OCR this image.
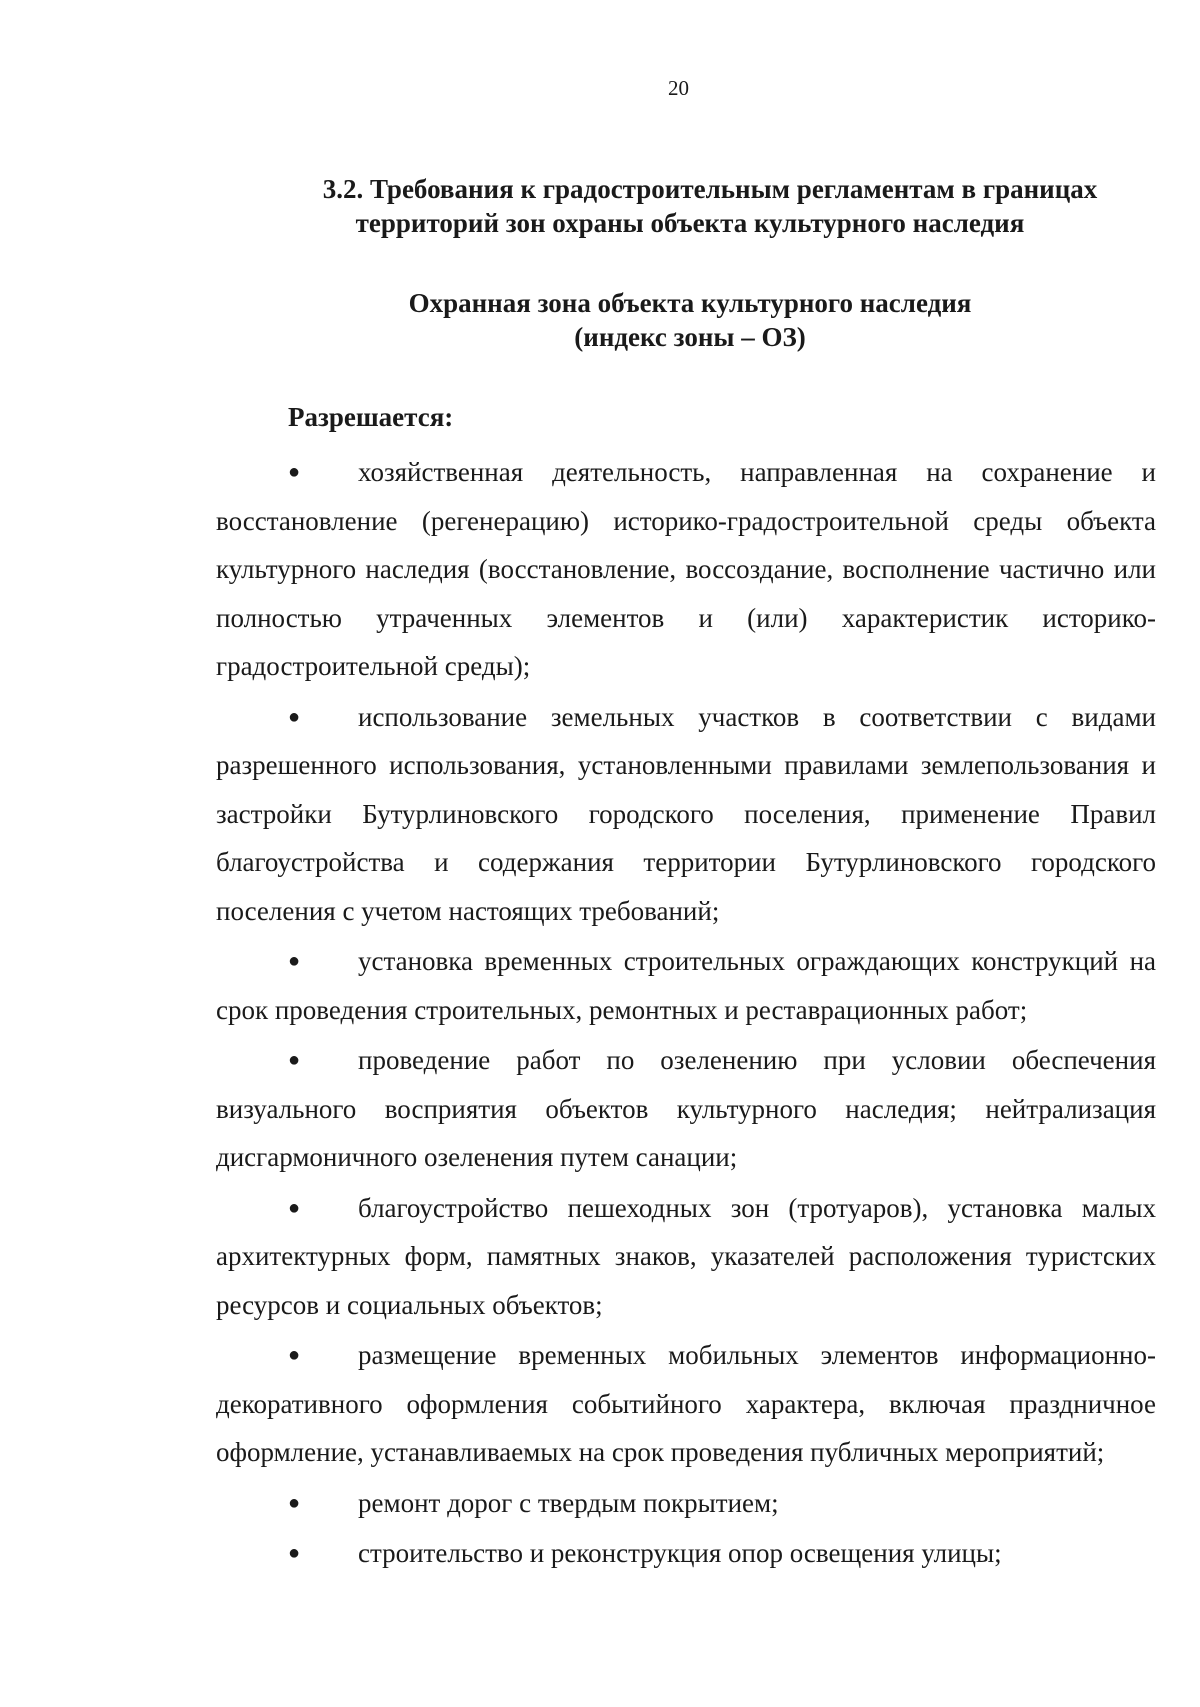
20
3.2. Требования к градостроительным регламентам в границах
территорий зон охраны объекта культурного наследия
Охранная зона объекта культурного наследия
(индекс зоны – ОЗ)
Разрешается:
● хозяйственная деятельность, направленная на сохранение и восстановление (регенерацию) историко-градостроительной среды объекта культурного наследия (восстановление, воссоздание, восполнение частично или полностью утраченных элементов и (или) характеристик историко-градостроительной среды);
● использование земельных участков в соответствии с видами разрешенного использования, установленными правилами землепользования и застройки Бутурлиновского городского поселения, применение Правил благоустройства и содержания территории Бутурлиновского городского поселения с учетом настоящих требований;
● установка временных строительных ограждающих конструкций на срок проведения строительных, ремонтных и реставрационных работ;
● проведение работ по озеленению при условии обеспечения визуального восприятия объектов культурного наследия; нейтрализация дисгармоничного озеленения путем санации;
● благоустройство пешеходных зон (тротуаров), установка малых архитектурных форм, памятных знаков, указателей расположения туристских ресурсов и социальных объектов;
● размещение временных мобильных элементов информационно-декоративного оформления событийного характера, включая праздничное оформление, устанавливаемых на срок проведения публичных мероприятий;
● ремонт дорог с твердым покрытием;
● строительство и реконструкция опор освещения улицы;
